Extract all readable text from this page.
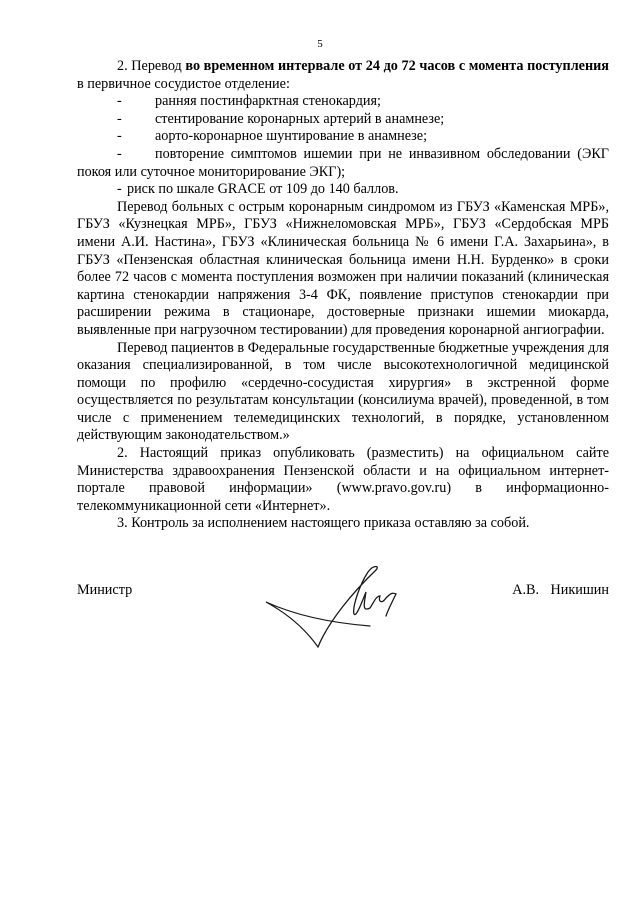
5

2. Перевод во временном интервале от 24 до 72 часов с момента поступления в первичное сосудистое отделение:

-	ранняя постинфарктная стенокардия;
-	стентирование коронарных артерий в анамнезе;
-	аорто-коронарное шунтирование в анамнезе;
- повторение симптомов ишемии при не инвазивном обследовании (ЭКГ покоя или суточное мониторирование ЭКГ);
- риск по шкале GRACE от 109 до 140 баллов.

Перевод больных с острым коронарным синдромом из ГБУЗ «Каменская МРБ», ГБУЗ «Кузнецкая МРБ», ГБУЗ «Нижнеломовская МРБ», ГБУЗ «Сердобская МРБ имени А.И. Настина», ГБУЗ «Клиническая больница № 6 имени Г.А. Захарьина», в ГБУЗ «Пензенская областная клиническая больница имени Н.Н. Бурденко» в сроки более 72 часов с момента поступления возможен при наличии показаний (клиническая картина стенокардии напряжения 3-4 ФК, появление приступов стенокардии при расширении режима в стационаре, достоверные признаки ишемии миокарда, выявленные при нагрузочном тестировании) для проведения коронарной ангиографии.

Перевод пациентов в Федеральные государственные бюджетные учреждения для оказания специализированной, в том числе высокотехнологичной медицинской помощи по профилю «сердечно-сосудистая хирургия» в экстренной форме осуществляется по результатам консультации (консилиума врачей), проведенной, в том числе с применением телемедицинских технологий, в порядке, установленном действующим законодательством.»

2. Настоящий приказ опубликовать (разместить) на официальном сайте Министерства здравоохранения Пензенской области и на официальном интернет-портале правовой информации» (www.pravo.gov.ru) в информационно-телекоммуникационной сети «Интернет».

3. Контроль за исполнением настоящего приказа оставляю за собой.

Министр	А.В. Никишин
